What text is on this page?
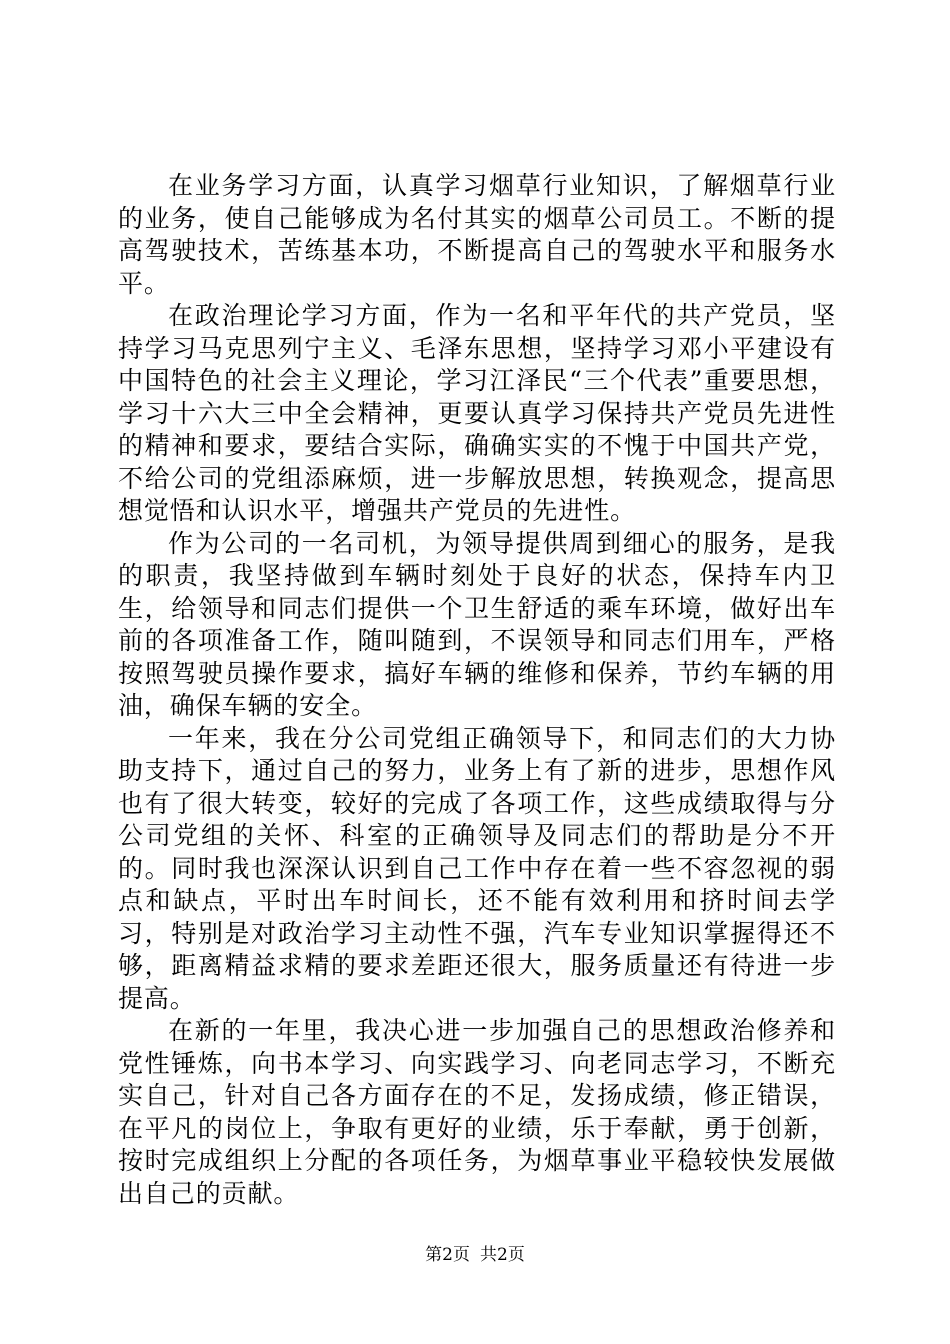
在业务学习方面，认真学习烟草行业知识，了解烟草行业的业务，使自己能够成为名付其实的烟草公司员工。不断的提高驾驶技术，苦练基本功，不断提高自己的驾驶水平和服务水平。

在政治理论学习方面，作为一名和平年代的共产党员，坚持学习马克思列宁主义、毛泽东思想，坚持学习邓小平建设有中国特色的社会主义理论，学习江泽民“三个代表”重要思想，学习十六大三中全会精神，更要认真学习保持共产党员先进性的精神和要求，要结合实际，确确实实的不愧于中国共产党，不给公司的党组添麻烦，进一步解放思想，转换观念，提高思想觉悟和认识水平，增强共产党员的先进性。

作为公司的一名司机，为领导提供周到细心的服务，是我的职责，我坚持做到车辆时刻处于良好的状态，保持车内卫生，给领导和同志们提供一个卫生舒适的乘车环境，做好出车前的各项准备工作，随叫随到，不误领导和同志们用车，严格按照驾驶员操作要求，搞好车辆的维修和保养，节约车辆的用油，确保车辆的安全。

一年来，我在分公司党组正确领导下，和同志们的大力协助支持下，通过自己的努力，业务上有了新的进步，思想作风也有了很大转变，较好的完成了各项工作，这些成绩取得与分公司党组的关怀、科室的正确领导及同志们的帮助是分不开的。同时我也深深认识到自己工作中存在着一些不容忽视的弱点和缺点，平时出车时间长，还不能有效利用和挤时间去学习，特别是对政治学习主动性不强，汽车专业知识掌握得还不够，距离精益求精的要求差距还很大，服务质量还有待进一步提高。

在新的一年里，我决心进一步加强自己的思想政治修养和党性锤炼，向书本学习、向实践学习、向老同志学习，不断充实自己，针对自己各方面存在的不足，发扬成绩，修正错误，在平凡的岗位上，争取有更好的业绩，乐于奉献，勇于创新，按时完成组织上分配的各项任务，为烟草事业平稳较快发展做出自己的贡献。

第2页 共2页
